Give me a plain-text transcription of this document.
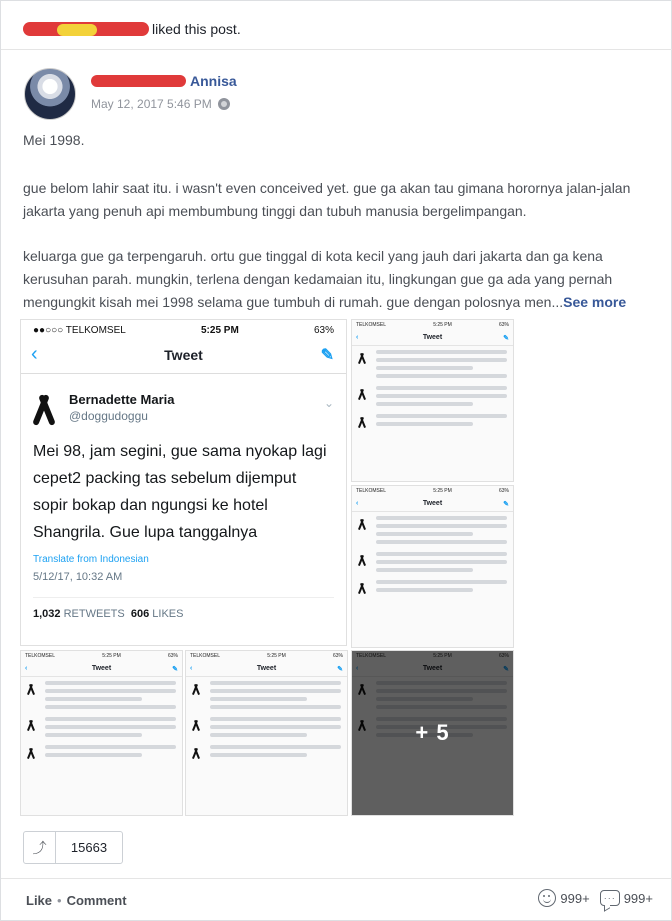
liked this post.
Annisa
May 12, 2017 5:46 PM

Mei 1998.

gue belom lahir saat itu. i wasn't even conceived yet. gue ga akan tau gimana horornya jalan-jalan jakarta yang penuh api membumbung tinggi dan tubuh manusia bergelimpangan.

keluarga gue ga terpengaruh. ortu gue tinggal di kota kecil yang jauh dari jakarta dan ga kena kerusuhan parah. mungkin, terlena dengan kedamaian itu, lingkungan gue ga ada yang pernah mengungkit kisah mei 1998 selama gue tumbuh di rumah. gue dengan polosnya men...See more

●●○○○ TELKOMSEL	5:25 PM	63%
‹	Tweet	✎
Bernadette Maria
@doggudoggu
⌄
Mei 98, jam segini, gue sama nyokap lagi cepet2 packing tas sebelum dijemput sopir bokap dan ngungsi ke hotel Shangrila. Gue lupa tanggalnya
Translate from Indonesian
5/12/17, 10:32 AM
1,032 RETWEETS 606 LIKES
TELKOMSEL	5:25 PM	63%
‹	Tweet	✎
TELKOMSEL	5:25 PM	63%
‹	Tweet	✎
TELKOMSEL	5:25 PM	63%
‹	Tweet	✎
TELKOMSEL	5:25 PM	63%
‹	Tweet	✎
+ 5
⤴	15663
Like • Comment	999+	··· 999+
